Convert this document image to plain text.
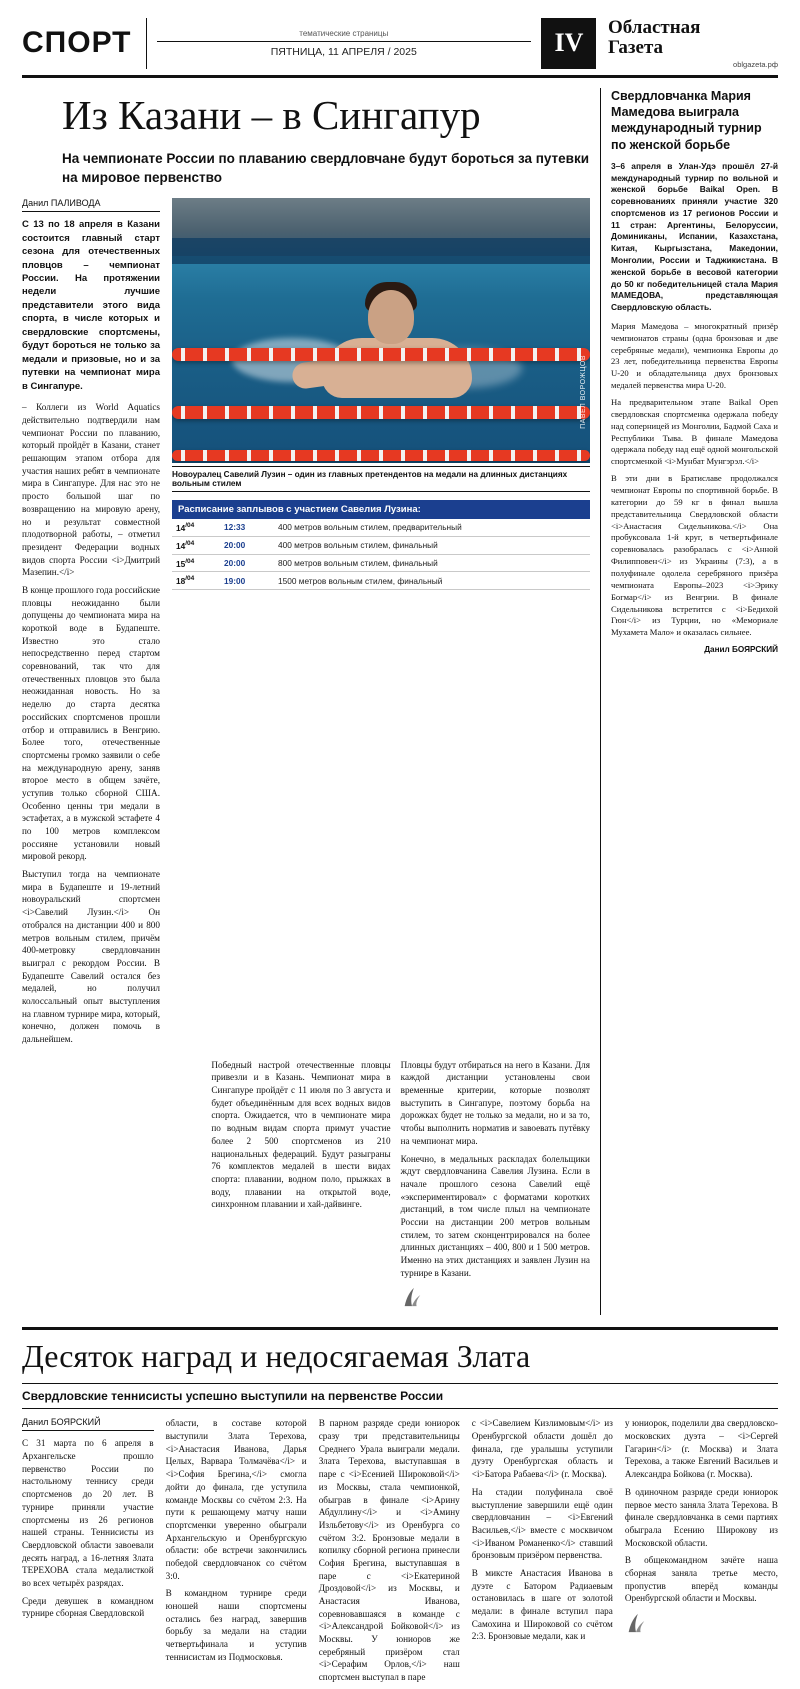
СПОРТ	тематические страницы
ПЯТНИЦА, 11 АПРЕЛЯ / 2025	IV
Областная
Газета
oblgazeta.рф
Из Казани – в Сингапур
На чемпионате России по плаванию свердловчане будут бороться за путевки на мировое первенство
Данил ПАЛИВОДА
С 13 по 18 апреля в Казани состоится главный старт сезона для отечественных пловцов – чемпионат России. На протяжении недели лучшие представители этого вида спорта, в числе которых и свердловские спортсмены, будут бороться не только за медали и призовые, но и за путевки на чемпионат мира в Сингапуре.

– Коллеги из World Aquatics действительно подтвердили нам чемпионат России по плаванию, который пройдёт в Казани, станет решающим этапом отбора для участия наших ребят в чемпионате мира в Сингапуре. Для нас это не просто большой шаг по возвращению на мировую арену, но и результат совместной плодотворной работы, – отметил президент Федерации водных видов спорта России <i>Дмитрий Мазепин.</i>

В конце прошлого года российские пловцы неожиданно были допущены до чемпионата мира на короткой воде в Будапеште. Известно это стало непосредственно перед стартом соревнований, так что для отечественных пловцов это была неожиданная новость. Но за неделю до старта десятка российских спортсменов прошли отбор и отправились в Венгрию. Более того, отечественные спортсмены громко заявили о себе на международную арену, заняв второе место в общем зачёте, уступив только сборной США. Особенно ценны три медали в эстафетах, а в мужской эстафете 4 по 100 метров комплексом россияне установили новый мировой рекорд.

Выступил тогда на чемпионате мира в Будапеште и 19-летний новоуральский спортсмен <i>Савелий Лузин.</i> Он отобрался на дистанции 400 и 800 метров вольным стилем, причём 400-метровку свердловчанин выиграл с рекордом России. В Будапеште Савелий остался без медалей, но получил колоссальный опыт выступления на главном турнире мира, который, конечно, должен помочь в дальнейшем.

ПАВЕЛ ВОРОЖЦОВ
Новоуралец Савелий Лузин – один из главных претендентов на медали на длинных дистанциях вольным стилем
Расписание заплывов с участием Савелия Лузина:
$14^{/04}$	12:33	400 метров вольным стилем, предварительный
$14^{/04}$	20:00	400 метров вольным стилем, финальный
$15^{/04}$	20:00	800 метров вольным стилем, финальный
$18^{/04}$	19:00	1500 метров вольным стилем, финальный

Победный настрой отечественные пловцы привезли и в Казань. Чемпионат мира в Сингапуре пройдёт с 11 июля по 3 августа и будет объединённым для всех водных видов спорта. Ожидается, что в чемпионате мира по водным видам спорта примут участие более 2 500 спортсменов из 210 национальных федераций. Будут разыграны 76 комплектов медалей в шести видах спорта: плавании, водном поло, прыжках в воду, плавании на открытой воде, синхронном плавании и хай-дайвинге.

Пловцы будут отбираться на него в Казани. Для каждой дистанции установлены свои временные критерии, которые позволят выступить в Сингапуре, поэтому борьба на дорожках будет не только за медали, но и за то, чтобы выполнить норматив и завоевать путёвку на чемпионат мира.

Конечно, в медальных раскладах болельщики ждут свердловчанина Савелия Лузина. Если в начале прошлого сезона Савелий ещё «экспериментировал» с форматами коротких дистанций, в том числе плыл на чемпионате России на дистанции 200 метров вольным стилем, то затем сконцентрировался на более длинных дистанциях – 400, 800 и 1 500 метров. Именно на этих дистанциях и заявлен Лузин на турнире в Казани.

Свердловчанка Мария Мамедова выиграла международный турнир по женской борьбе
3–6 апреля в Улан-Удэ прошёл 27-й международный турнир по вольной и женской борьбе Baikal Open. В соревнованиях приняли участие 320 спортсменов из 17 регионов России и 11 стран: Аргентины, Белоруссии, Доминиканы, Испании, Казахстана, Китая, Кыргызстана, Македонии, Монголии, России и Таджикистана. В женской борьбе в весовой категории до 50 кг победительницей стала Мария МАМЕДОВА, представляющая Свердловскую область.

Мария Мамедова – многократный призёр чемпионатов страны (одна бронзовая и две серебряные медали), чемпионка Европы до 23 лет, победительница первенства Европы U-20 и обладательница двух бронзовых медалей первенства мира U-20.

На предварительном этапе Baikal Open свердловская спортсменка одержала победу над соперницей из Монголии, Бадмой Саха и Республики Тыва. В финале Мамедова одержала победу над ещё одной монгольской спортсменкой <i>Мунбат Мунгэрэл.</i>

В эти дни в Братиславе продолжался чемпионат Европы по спортивной борьбе. В категории до 59 кг в финал вышла представительница Свердловской области <i>Анастасия Сидельникова.</i> Она пробуксовала 1-й круг, в четвертьфинале соревновалась разобралась с <i>Анной Филипповен</i> из Украины (7:3), а в полуфинале одолела серебряного призёра чемпионата Европы–2023 <i>Эрику Богмар</i> из Венгрии. В финале Сидельникова встретится с <i>Бедихой Гюн</i> из Турции, но «Мемориале Мухамета Мало» и оказалась сильнее.

Данил БОЯРСКИЙ
Десяток наград и недосягаемая Злата
Свердловские теннисисты успешно выступили на первенстве России
Данил БОЯРСКИЙ

С 31 марта по 6 апреля в Архангельске прошло первенство России по настольному теннису среди спортсменов до 20 лет. В турнире приняли участие спортсмены из 26 регионов нашей страны. Теннисисты из Свердловской области завоевали десять наград, а 16-летняя Злата ТЕРЕХОВА стала медалисткой во всех четырёх разрядах.

Среди девушек в командном турнире сборная Свердловской

области, в составе которой выступили Злата Терехова, <i>Анастасия Иванова, Дарья Целых, Варвара Толмачёва</i> и <i>София Брегина,</i> смогла дойти до финала, где уступила команде Москвы со счётом 2:3. На пути к решающему матчу наши спортсменки уверенно обыграли Архангельскую и Оренбургскую области: обе встречи закончились победой свердловчанок со счётом 3:0.

В командном турнире среди юношей наши спортсмены остались без наград, завершив борьбу за медали на стадии четвертьфинала и уступив теннисистам из Подмосковья.

В парном разряде среди юниорок сразу три представительницы Среднего Урала выиграли медали. Злата Терехова, выступавшая в паре с <i>Есенией Широковой</i> из Москвы, стала чемпионкой, обыграв в финале <i>Арину Абдуллину</i> и <i>Амину Изльбетову</i> из Оренбурга со счётом 3:2. Бронзовые медали в копилку сборной региона принесли София Брегина, выступавшая в паре с <i>Екатериной Дроздовой</i> из Москвы, и Анастасия Иванова, соревновавшаяся в команде с <i>Александрой Бойковой</i> из Москвы. У юниоров же серебряный призёром стал <i>Серафим Орлов,</i> наш спортсмен выступал в паре

с <i>Савелием Кизлимовым</i> из Оренбургской области дошёл до финала, где уралышы уступили дуэту Оренбургская область и <i>Батора Рабаева</i> (г. Москва).

На стадии полуфинала своё выступление завершили ещё один свердловчанин – <i>Евгений Васильев,</i> вместе с москвичом <i>Иваном Романенко</i> ставший бронзовым призёром первенства.

В миксте Анастасия Иванова в дуэте с Батором Радиаевым остановилась в шаге от золотой медали: в финале вступил пара Самохина и Широковой со счётом 2:3. Бронзовые медали, как и

у юниорок, поделили два свердловско-московских дуэта – <i>Сергей Гагарин</i> (г. Москва) и Злата Терехова, а также Евгений Васильев и Александра Бойкова (г. Москва).

В одиночном разряде среди юниорок первое место заняла Злата Терехова. В финале свердловчанка в семи партиях обыграла Есению Широкову из Московской области.

В общекомандном зачёте наша сборная заняла третье место, пропустив вперёд команды Оренбургской области и Москвы.
